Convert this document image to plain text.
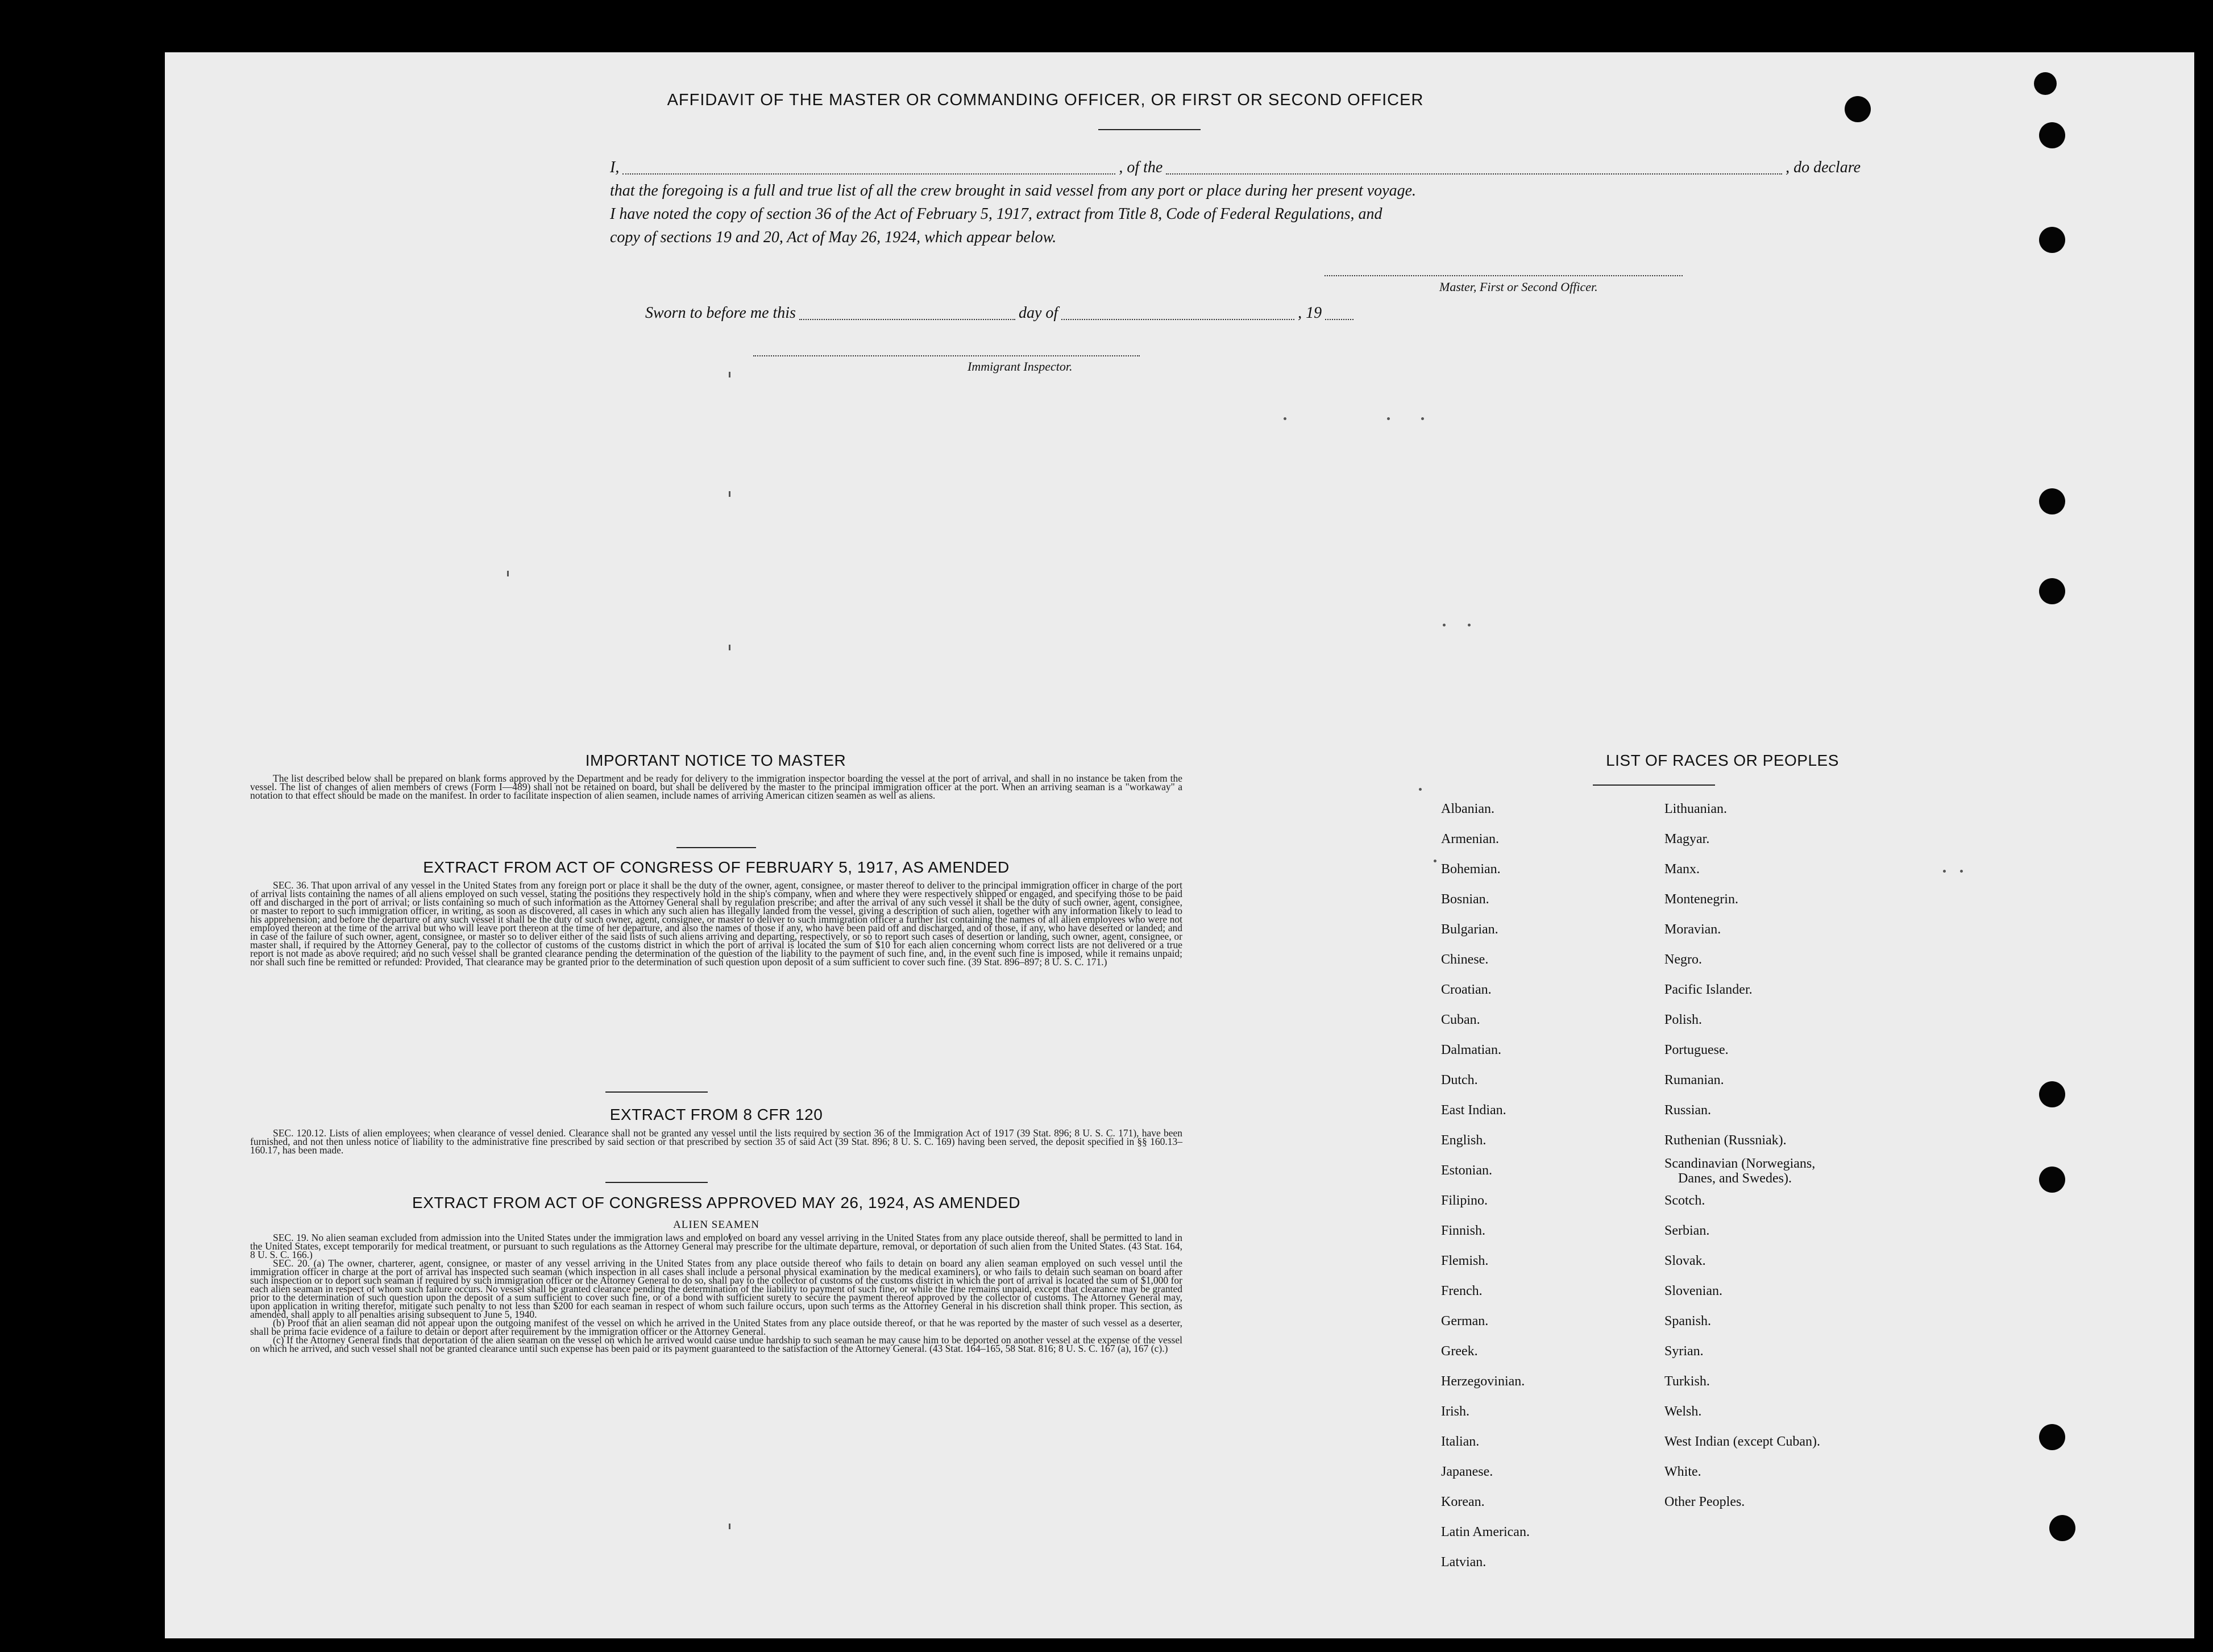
AFFIDAVIT OF THE MASTER OR COMMANDING OFFICER, OR FIRST OR SECOND OFFICER
I,	, of the	, do declare
that the foregoing is a full and true list of all the crew brought in said vessel from any port or place during her present voyage.
I have noted the copy of section 36 of the Act of February 5, 1917, extract from Title 8, Code of Federal Regulations, and
copy of sections 19 and 20, Act of May 26, 1924, which appear below.
Master, First or Second Officer.
Sworn to before me this	day of	, 19
Immigrant Inspector.
IMPORTANT NOTICE TO MASTER

The list described below shall be prepared on blank forms approved by the Department and be ready for delivery to the immigration inspector boarding the vessel at the port of arrival, and shall in no instance be taken from the vessel. The list of changes of alien members of crews (Form I—489) shall not be retained on board, but shall be delivered by the master to the principal immigration officer at the port. When an arriving seaman is a "workaway" a notation to that effect should be made on the manifest. In order to facilitate inspection of alien seamen, include names of arriving American citizen seamen as well as aliens.

EXTRACT FROM ACT OF CONGRESS OF FEBRUARY 5, 1917, AS AMENDED

SEC. 36. That upon arrival of any vessel in the United States from any foreign port or place it shall be the duty of the owner, agent, consignee, or master thereof to deliver to the principal immigration officer in charge of the port of arrival lists containing the names of all aliens employed on such vessel, stating the positions they respectively hold in the ship's company, when and where they were respectively shipped or engaged, and specifying those to be paid off and discharged in the port of arrival; or lists containing so much of such information as the Attorney General shall by regulation prescribe; and after the arrival of any such vessel it shall be the duty of such owner, agent, consignee, or master to report to such immigration officer, in writing, as soon as discovered, all cases in which any such alien has illegally landed from the vessel, giving a description of such alien, together with any information likely to lead to his apprehension; and before the departure of any such vessel it shall be the duty of such owner, agent, consignee, or master to deliver to such immigration officer a further list containing the names of all alien employees who were not employed thereon at the time of the arrival but who will leave port thereon at the time of her departure, and also the names of those if any, who have been paid off and discharged, and of those, if any, who have deserted or landed; and in case of the failure of such owner, agent, consignee, or master so to deliver either of the said lists of such aliens arriving and departing, respectively, or so to report such cases of desertion or landing, such owner, agent, consignee, or master shall, if required by the Attorney General, pay to the collector of customs of the customs district in which the port of arrival is located the sum of $10 for each alien concerning whom correct lists are not delivered or a true report is not made as above required; and no such vessel shall be granted clearance pending the determination of the question of the liability to the payment of such fine, and, in the event such fine is imposed, while it remains unpaid; nor shall such fine be remitted or refunded: Provided, That clearance may be granted prior to the determination of such question upon deposit of a sum sufficient to cover such fine. (39 Stat. 896–897; 8 U. S. C. 171.)

EXTRACT FROM 8 CFR 120

SEC. 120.12. Lists of alien employees; when clearance of vessel denied. Clearance shall not be granted any vessel until the lists required by section 36 of the Immigration Act of 1917 (39 Stat. 896; 8 U. S. C. 171), have been furnished, and not then unless notice of liability to the administrative fine prescribed by said section or that prescribed by section 35 of said Act (39 Stat. 896; 8 U. S. C. 169) having been served, the deposit specified in §§ 160.13–160.17, has been made.

EXTRACT FROM ACT OF CONGRESS APPROVED MAY 26, 1924, AS AMENDED
ALIEN SEAMEN

SEC. 19. No alien seaman excluded from admission into the United States under the immigration laws and employed on board any vessel arriving in the United States from any place outside thereof, shall be permitted to land in the United States, except temporarily for medical treatment, or pursuant to such regulations as the Attorney General may prescribe for the ultimate departure, removal, or deportation of such alien from the United States. (43 Stat. 164, 8 U. S. C. 166.)

SEC. 20. (a) The owner, charterer, agent, consignee, or master of any vessel arriving in the United States from any place outside thereof who fails to detain on board any alien seaman employed on such vessel until the immigration officer in charge at the port of arrival has inspected such seaman (which inspection in all cases shall include a personal physical examination by the medical examiners), or who fails to detain such seaman on board after such inspection or to deport such seaman if required by such immigration officer or the Attorney General to do so, shall pay to the collector of customs of the customs district in which the port of arrival is located the sum of $1,000 for each alien seaman in respect of whom such failure occurs. No vessel shall be granted clearance pending the determination of the liability to payment of such fine, or while the fine remains unpaid, except that clearance may be granted prior to the determination of such question upon the deposit of a sum sufficient to cover such fine, or of a bond with sufficient surety to secure the payment thereof approved by the collector of customs. The Attorney General may, upon application in writing therefor, mitigate such penalty to not less than $200 for each seaman in respect of whom such failure occurs, upon such terms as the Attorney General in his discretion shall think proper. This section, as amended, shall apply to all penalties arising subsequent to June 5, 1940.

(b) Proof that an alien seaman did not appear upon the outgoing manifest of the vessel on which he arrived in the United States from any place outside thereof, or that he was reported by the master of such vessel as a deserter, shall be prima facie evidence of a failure to detain or deport after requirement by the immigration officer or the Attorney General.

(c) If the Attorney General finds that deportation of the alien seaman on the vessel on which he arrived would cause undue hardship to such seaman he may cause him to be deported on another vessel at the expense of the vessel on which he arrived, and such vessel shall not be granted clearance until such expense has been paid or its payment guaranteed to the satisfaction of the Attorney General. (43 Stat. 164–165, 58 Stat. 816; 8 U. S. C. 167 (a), 167 (c).)

LIST OF RACES OR PEOPLES
Albanian.
Armenian.
Bohemian.
Bosnian.
Bulgarian.
Chinese.
Croatian.
Cuban.
Dalmatian.
Dutch.
East Indian.
English.
Estonian.
Filipino.
Finnish.
Flemish.
French.
German.
Greek.
Herzegovinian.
Irish.
Italian.
Japanese.
Korean.
Latin American.
Latvian.
Lithuanian.
Magyar.
Manx.
Montenegrin.
Moravian.
Negro.
Pacific Islander.
Polish.
Portuguese.
Rumanian.
Russian.
Ruthenian (Russniak).
Scandinavian (Norwegians,
Danes, and Swedes).
Scotch.
Serbian.
Slovak.
Slovenian.
Spanish.
Syrian.
Turkish.
Welsh.
West Indian (except Cuban).
White.
Other Peoples.
